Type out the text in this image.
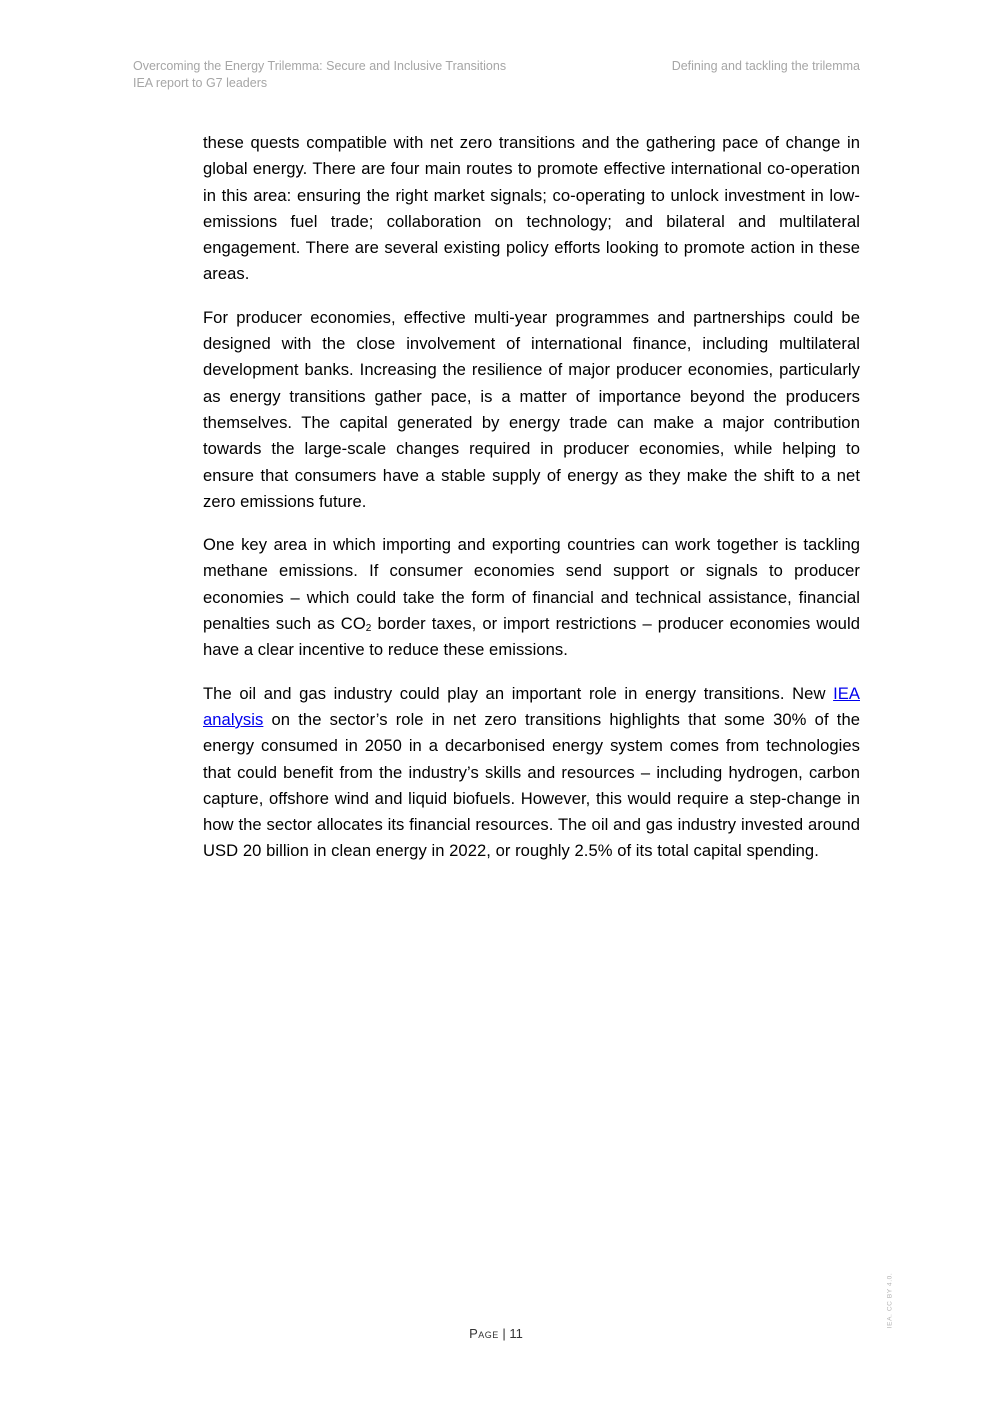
Overcoming the Energy Trilemma: Secure and Inclusive Transitions
IEA report to G7 leaders
Defining and tackling the trilemma

these quests compatible with net zero transitions and the gathering pace of change in global energy. There are four main routes to promote effective international co-operation in this area: ensuring the right market signals; co-operating to unlock investment in low-emissions fuel trade; collaboration on technology; and bilateral and multilateral engagement. There are several existing policy efforts looking to promote action in these areas.

For producer economies, effective multi-year programmes and partnerships could be designed with the close involvement of international finance, including multilateral development banks. Increasing the resilience of major producer economies, particularly as energy transitions gather pace, is a matter of importance beyond the producers themselves. The capital generated by energy trade can make a major contribution towards the large-scale changes required in producer economies, while helping to ensure that consumers have a stable supply of energy as they make the shift to a net zero emissions future.

One key area in which importing and exporting countries can work together is tackling methane emissions. If consumer economies send support or signals to producer economies – which could take the form of financial and technical assistance, financial penalties such as $CO_2$ border taxes, or import restrictions – producer economies would have a clear incentive to reduce these emissions.

The oil and gas industry could play an important role in energy transitions. New IEA analysis on the sector’s role in net zero transitions highlights that some 30% of the energy consumed in 2050 in a decarbonised energy system comes from technologies that could benefit from the industry’s skills and resources – including hydrogen, carbon capture, offshore wind and liquid biofuels. However, this would require a step-change in how the sector allocates its financial resources. The oil and gas industry invested around USD 20 billion in clean energy in 2022, or roughly 2.5% of its total capital spending.

Page | 11
IEA. CC BY 4.0.
